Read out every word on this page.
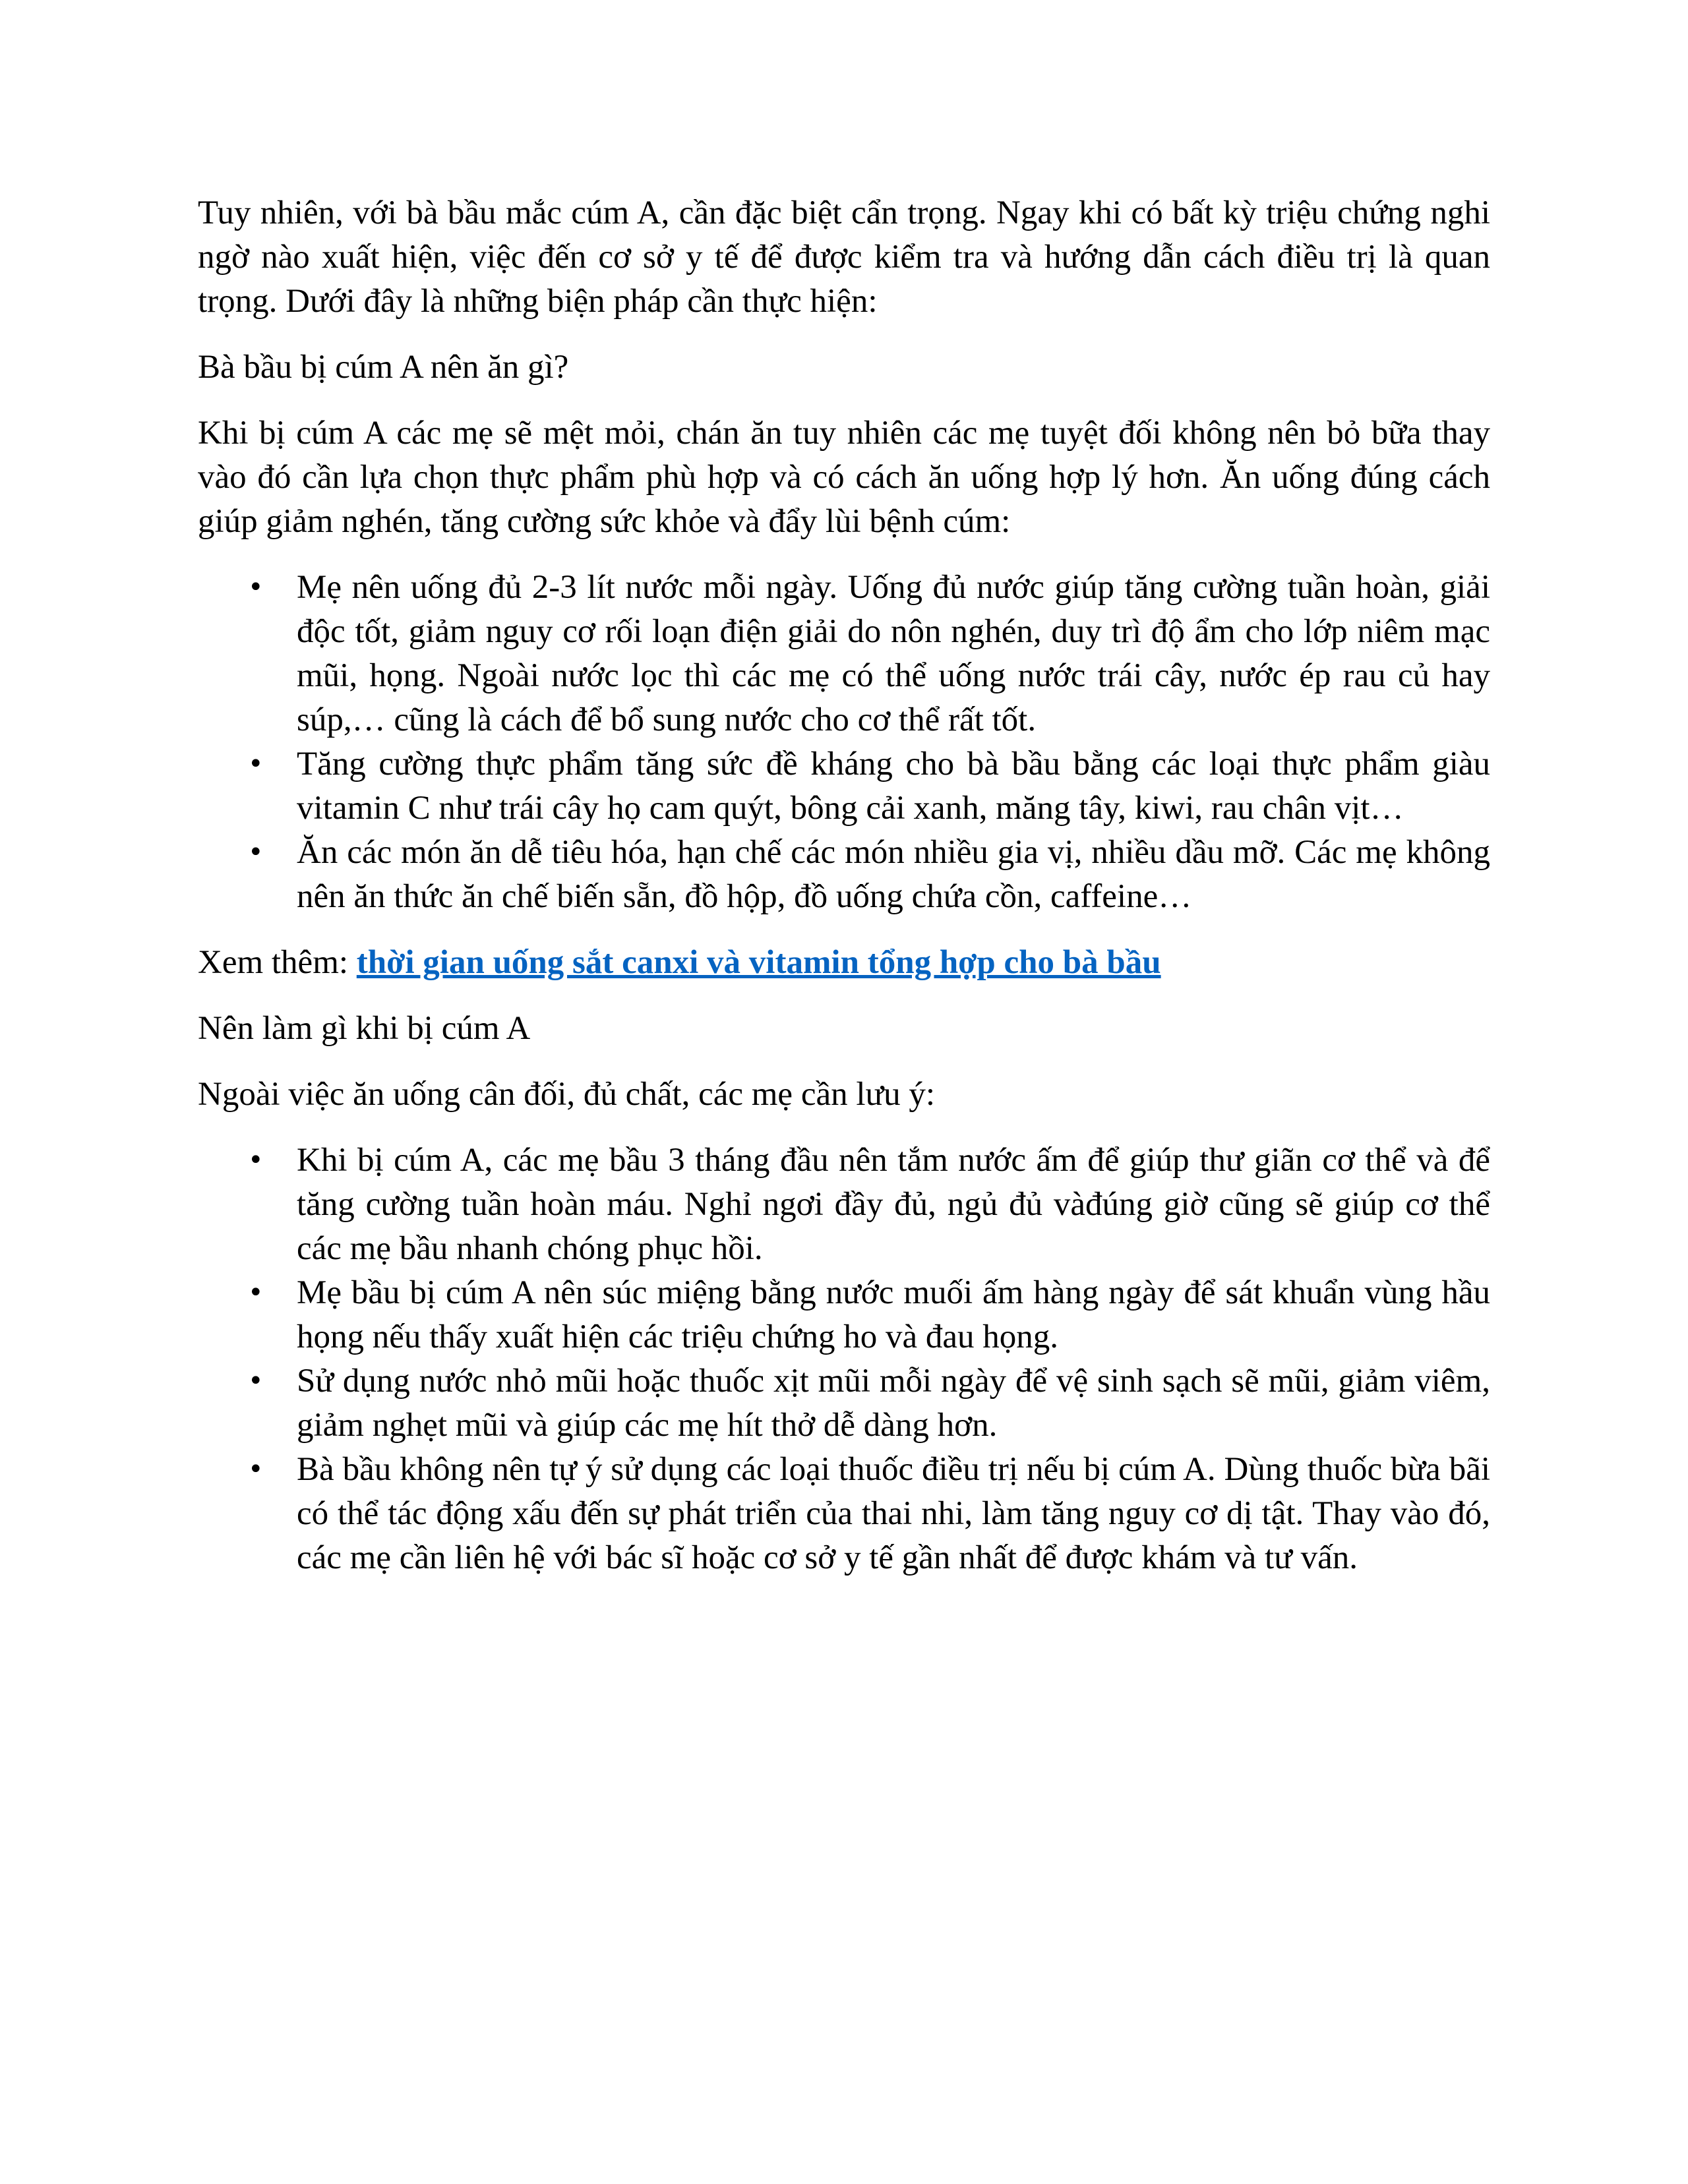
Tuy nhiên, với bà bầu mắc cúm A, cần đặc biệt cẩn trọng. Ngay khi có bất kỳ triệu chứng nghi ngờ nào xuất hiện, việc đến cơ sở y tế để được kiểm tra và hướng dẫn cách điều trị là quan trọng. Dưới đây là những biện pháp cần thực hiện:

Bà bầu bị cúm A nên ăn gì?

Khi bị cúm A các mẹ sẽ mệt mỏi, chán ăn tuy nhiên các mẹ tuyệt đối không nên bỏ bữa thay vào đó cần lựa chọn thực phẩm phù hợp và có cách ăn uống hợp lý hơn. Ăn uống đúng cách giúp giảm nghén, tăng cường sức khỏe và đẩy lùi bệnh cúm:

• Mẹ nên uống đủ 2-3 lít nước mỗi ngày. Uống đủ nước giúp tăng cường tuần hoàn, giải độc tốt, giảm nguy cơ rối loạn điện giải do nôn nghén, duy trì độ ẩm cho lớp niêm mạc mũi, họng. Ngoài nước lọc thì các mẹ có thể uống nước trái cây, nước ép rau củ hay súp,… cũng là cách để bổ sung nước cho cơ thể rất tốt.
• Tăng cường thực phẩm tăng sức đề kháng cho bà bầu bằng các loại thực phẩm giàu vitamin C như trái cây họ cam quýt, bông cải xanh, măng tây, kiwi, rau chân vịt…
• Ăn các món ăn dễ tiêu hóa, hạn chế các món nhiều gia vị, nhiều dầu mỡ. Các mẹ không nên ăn thức ăn chế biến sẵn, đồ hộp, đồ uống chứa cồn, caffeine…

Xem thêm: thời gian uống sắt canxi và vitamin tổng hợp cho bà bầu

Nên làm gì khi bị cúm A

Ngoài việc ăn uống cân đối, đủ chất, các mẹ cần lưu ý:

• Khi bị cúm A, các mẹ bầu 3 tháng đầu nên tắm nước ấm để giúp thư giãn cơ thể và để tăng cường tuần hoàn máu. Nghỉ ngơi đầy đủ, ngủ đủ vàđúng giờ cũng sẽ giúp cơ thể các mẹ bầu nhanh chóng phục hồi.
• Mẹ bầu bị cúm A nên súc miệng bằng nước muối ấm hàng ngày để sát khuẩn vùng hầu họng nếu thấy xuất hiện các triệu chứng ho và đau họng.
• Sử dụng nước nhỏ mũi hoặc thuốc xịt mũi mỗi ngày để vệ sinh sạch sẽ mũi, giảm viêm, giảm nghẹt mũi và giúp các mẹ hít thở dễ dàng hơn.
• Bà bầu không nên tự ý sử dụng các loại thuốc điều trị nếu bị cúm A. Dùng thuốc bừa bãi có thể tác động xấu đến sự phát triển của thai nhi, làm tăng nguy cơ dị tật. Thay vào đó, các mẹ cần liên hệ với bác sĩ hoặc cơ sở y tế gần nhất để được khám và tư vấn.
